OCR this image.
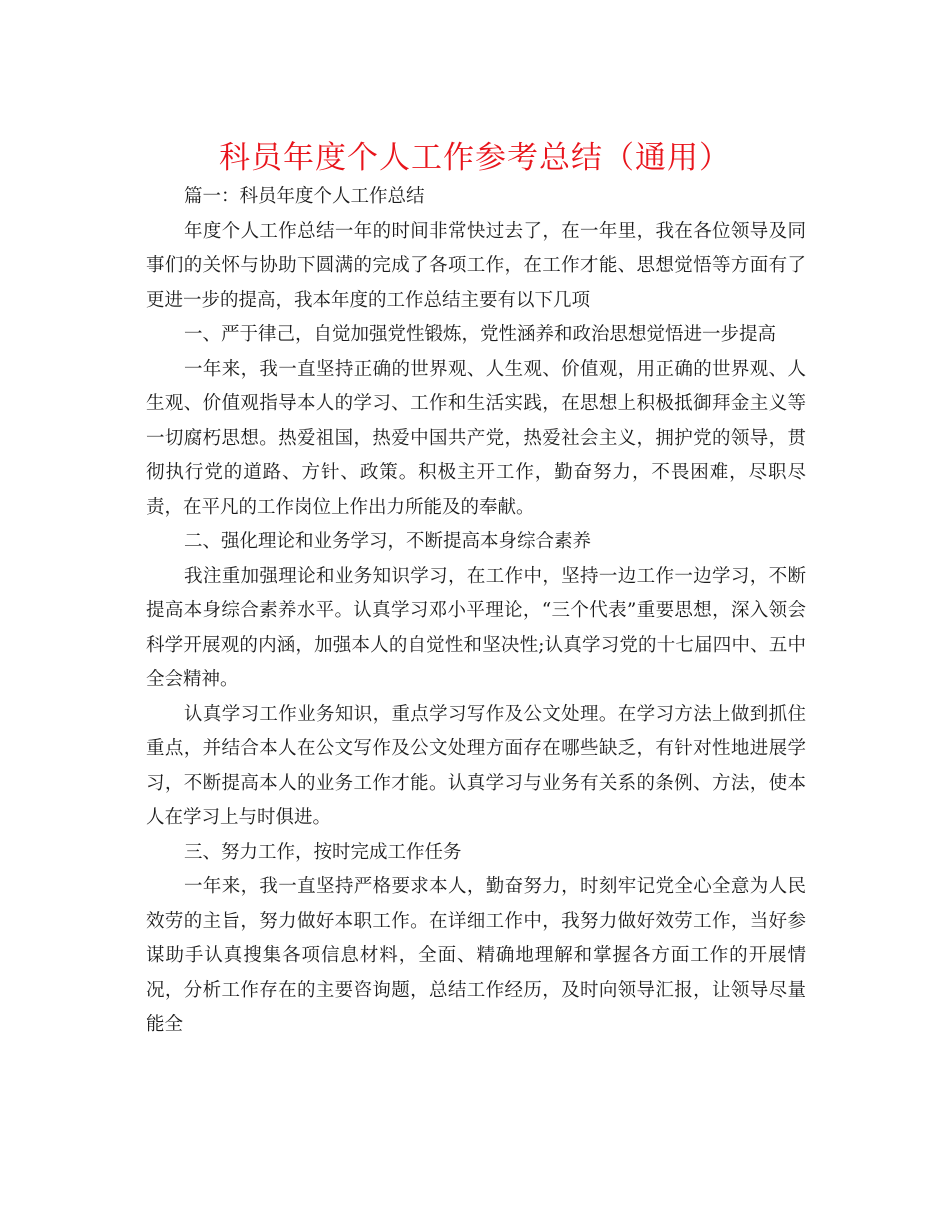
科员年度个人工作参考总结（通用）

篇一：科员年度个人工作总结

年度个人工作总结一年的时间非常快过去了，在一年里，我在各位领导及同事们的关怀与协助下圆满的完成了各项工作，在工作才能、思想觉悟等方面有了更进一步的提高，我本年度的工作总结主要有以下几项

一、严于律己，自觉加强党性锻炼，党性涵养和政治思想觉悟进一步提高

一年来，我一直坚持正确的世界观、人生观、价值观，用正确的世界观、人生观、价值观指导本人的学习、工作和生活实践，在思想上积极抵御拜金主义等一切腐朽思想。热爱祖国，热爱中国共产党，热爱社会主义，拥护党的领导，贯彻执行党的道路、方针、政策。积极主开工作，勤奋努力，不畏困难，尽职尽责，在平凡的工作岗位上作出力所能及的奉献。

二、强化理论和业务学习，不断提高本身综合素养

我注重加强理论和业务知识学习，在工作中，坚持一边工作一边学习，不断提高本身综合素养水平。认真学习邓小平理论，“三个代表”重要思想，深入领会科学开展观的内涵，加强本人的自觉性和坚决性;认真学习党的十七届四中、五中全会精神。

认真学习工作业务知识，重点学习写作及公文处理。在学习方法上做到抓住重点，并结合本人在公文写作及公文处理方面存在哪些缺乏，有针对性地进展学习，不断提高本人的业务工作才能。认真学习与业务有关系的条例、方法，使本人在学习上与时俱进。

三、努力工作，按时完成工作任务

一年来，我一直坚持严格要求本人，勤奋努力，时刻牢记党全心全意为人民效劳的主旨，努力做好本职工作。在详细工作中，我努力做好效劳工作，当好参谋助手认真搜集各项信息材料，全面、精确地理解和掌握各方面工作的开展情况，分析工作存在的主要咨询题，总结工作经历，及时向领导汇报，让领导尽量能全
